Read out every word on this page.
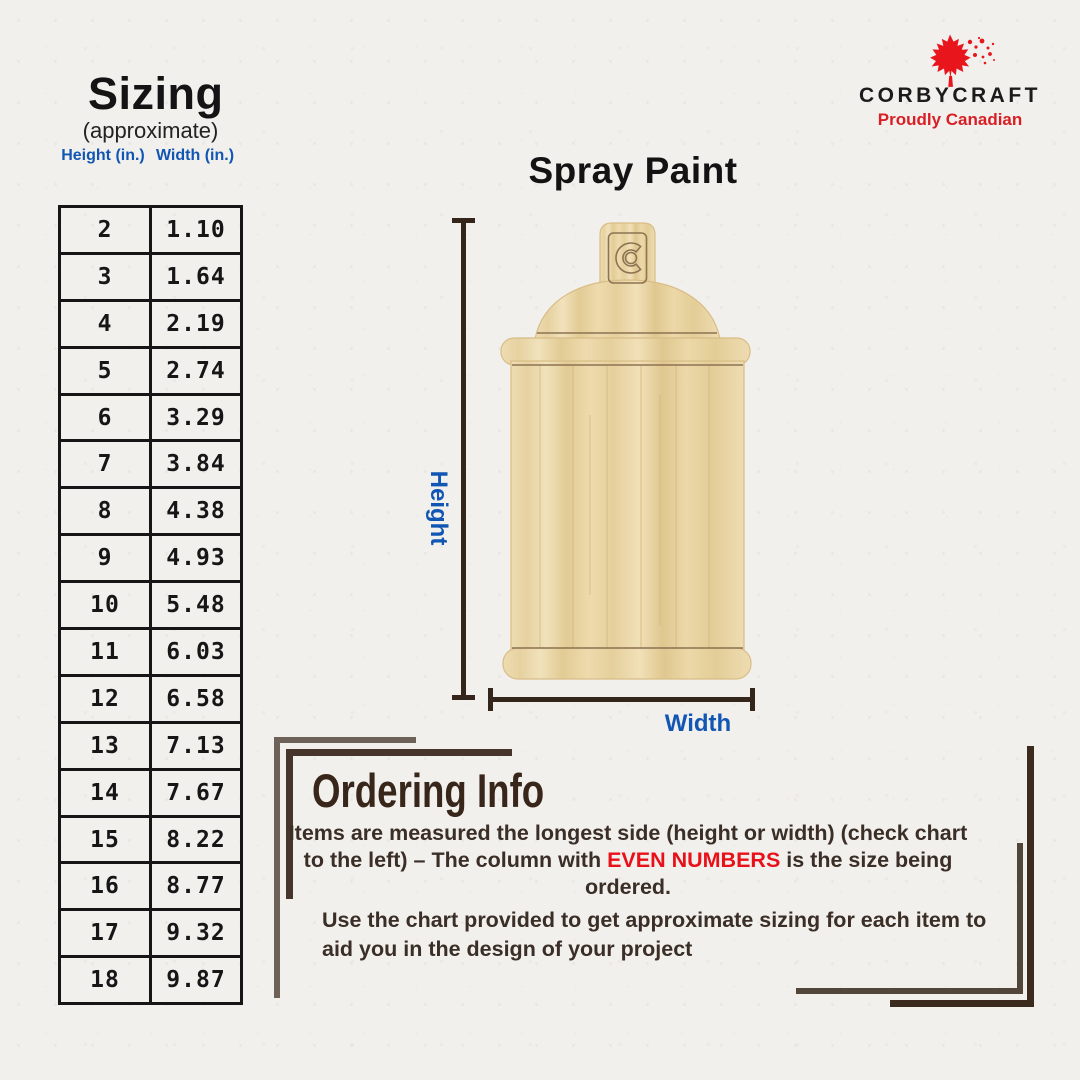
Sizing
(approximate)
Height (in.) Width (in.)
2	1.10
3	1.64
4	2.19
5	2.74
6	3.29
7	3.84
8	4.38
9	4.93
10	5.48
11	6.03
12	6.58
13	7.13
14	7.67
15	8.22
16	8.77
17	9.32
18	9.87
CORBYCRAFT
Proudly Canadian
Spray Paint
Height
Width
Ordering Info
Items are measured the longest side (height or width) (check chart to the left) – The column with EVEN NUMBERS is the size being ordered.
Use the chart provided to get approximate sizing for each item to aid you in the design of your project
